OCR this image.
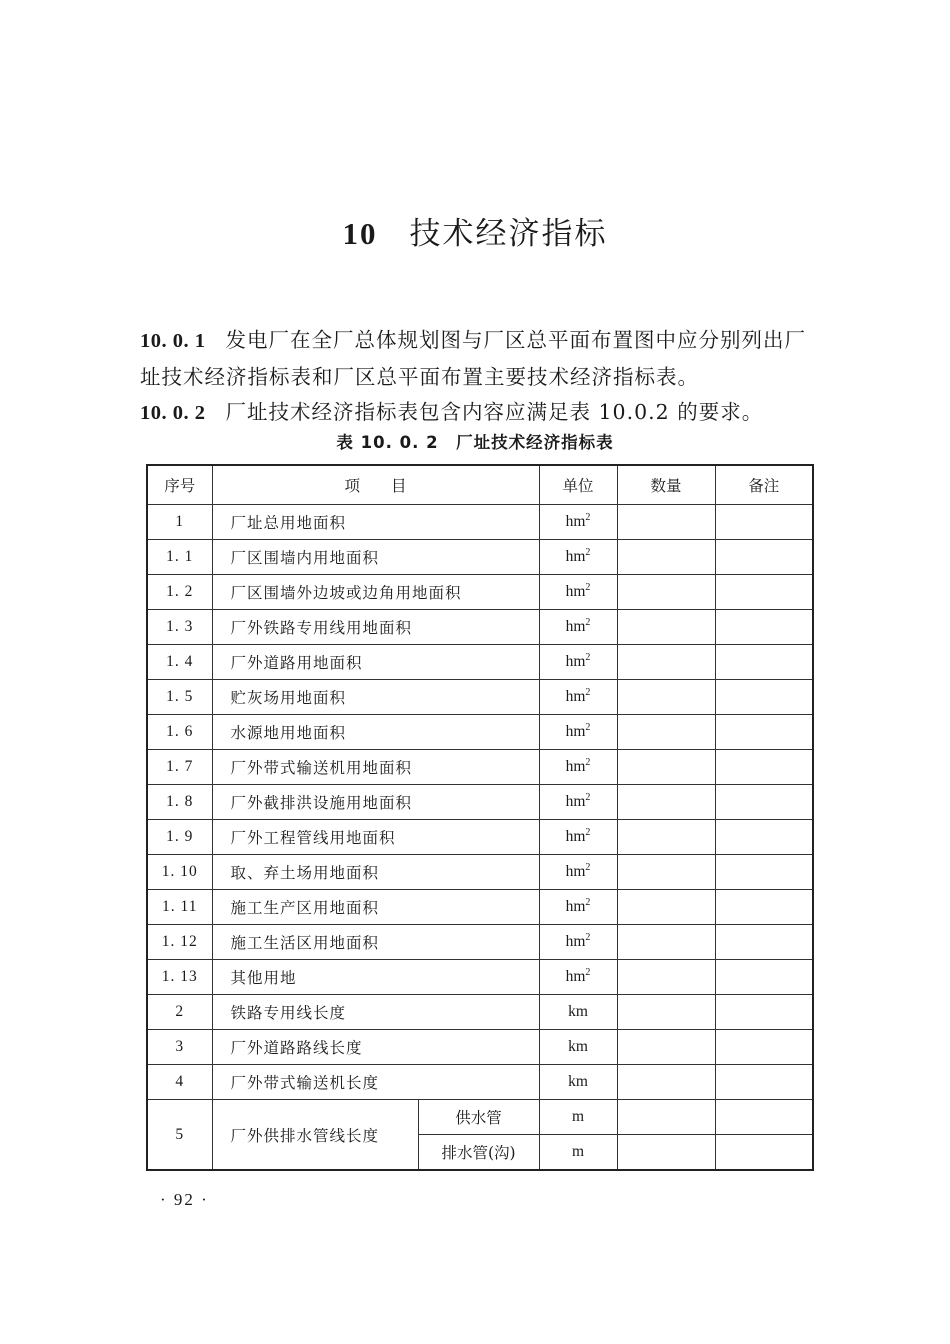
10 技术经济指标
10. 0. 1 发电厂在全厂总体规划图与厂区总平面布置图中应分别列出厂址技术经济指标表和厂区总平面布置主要技术经济指标表。
10. 0. 2 厂址技术经济指标表包含内容应满足表 10.0.2 的要求。
表 10. 0. 2　厂址技术经济指标表
序号	项　　目		单位	数量	备注
1	厂址总用地面积		$hm^2$		
1. 1	厂区围墙内用地面积		$hm^2$		
1. 2	厂区围墙外边坡或边角用地面积		$hm^2$		
1. 3	厂外铁路专用线用地面积		$hm^2$		
1. 4	厂外道路用地面积		$hm^2$		
1. 5	贮灰场用地面积		$hm^2$		
1. 6	水源地用地面积		$hm^2$		
1. 7	厂外带式输送机用地面积		$hm^2$		
1. 8	厂外截排洪设施用地面积		$hm^2$		
1. 9	厂外工程管线用地面积		$hm^2$		
1. 10	取、弃土场用地面积		$hm^2$		
1. 11	施工生产区用地面积		$hm^2$		
1. 12	施工生活区用地面积		$hm^2$		
1. 13	其他用地		$hm^2$		
2	铁路专用线长度		km		
3	厂外道路路线长度		km		
4	厂外带式输送机长度		km		
5	厂外供排水管线长度	供水管	m		
		排水管(沟)	m		
· 92 ·
